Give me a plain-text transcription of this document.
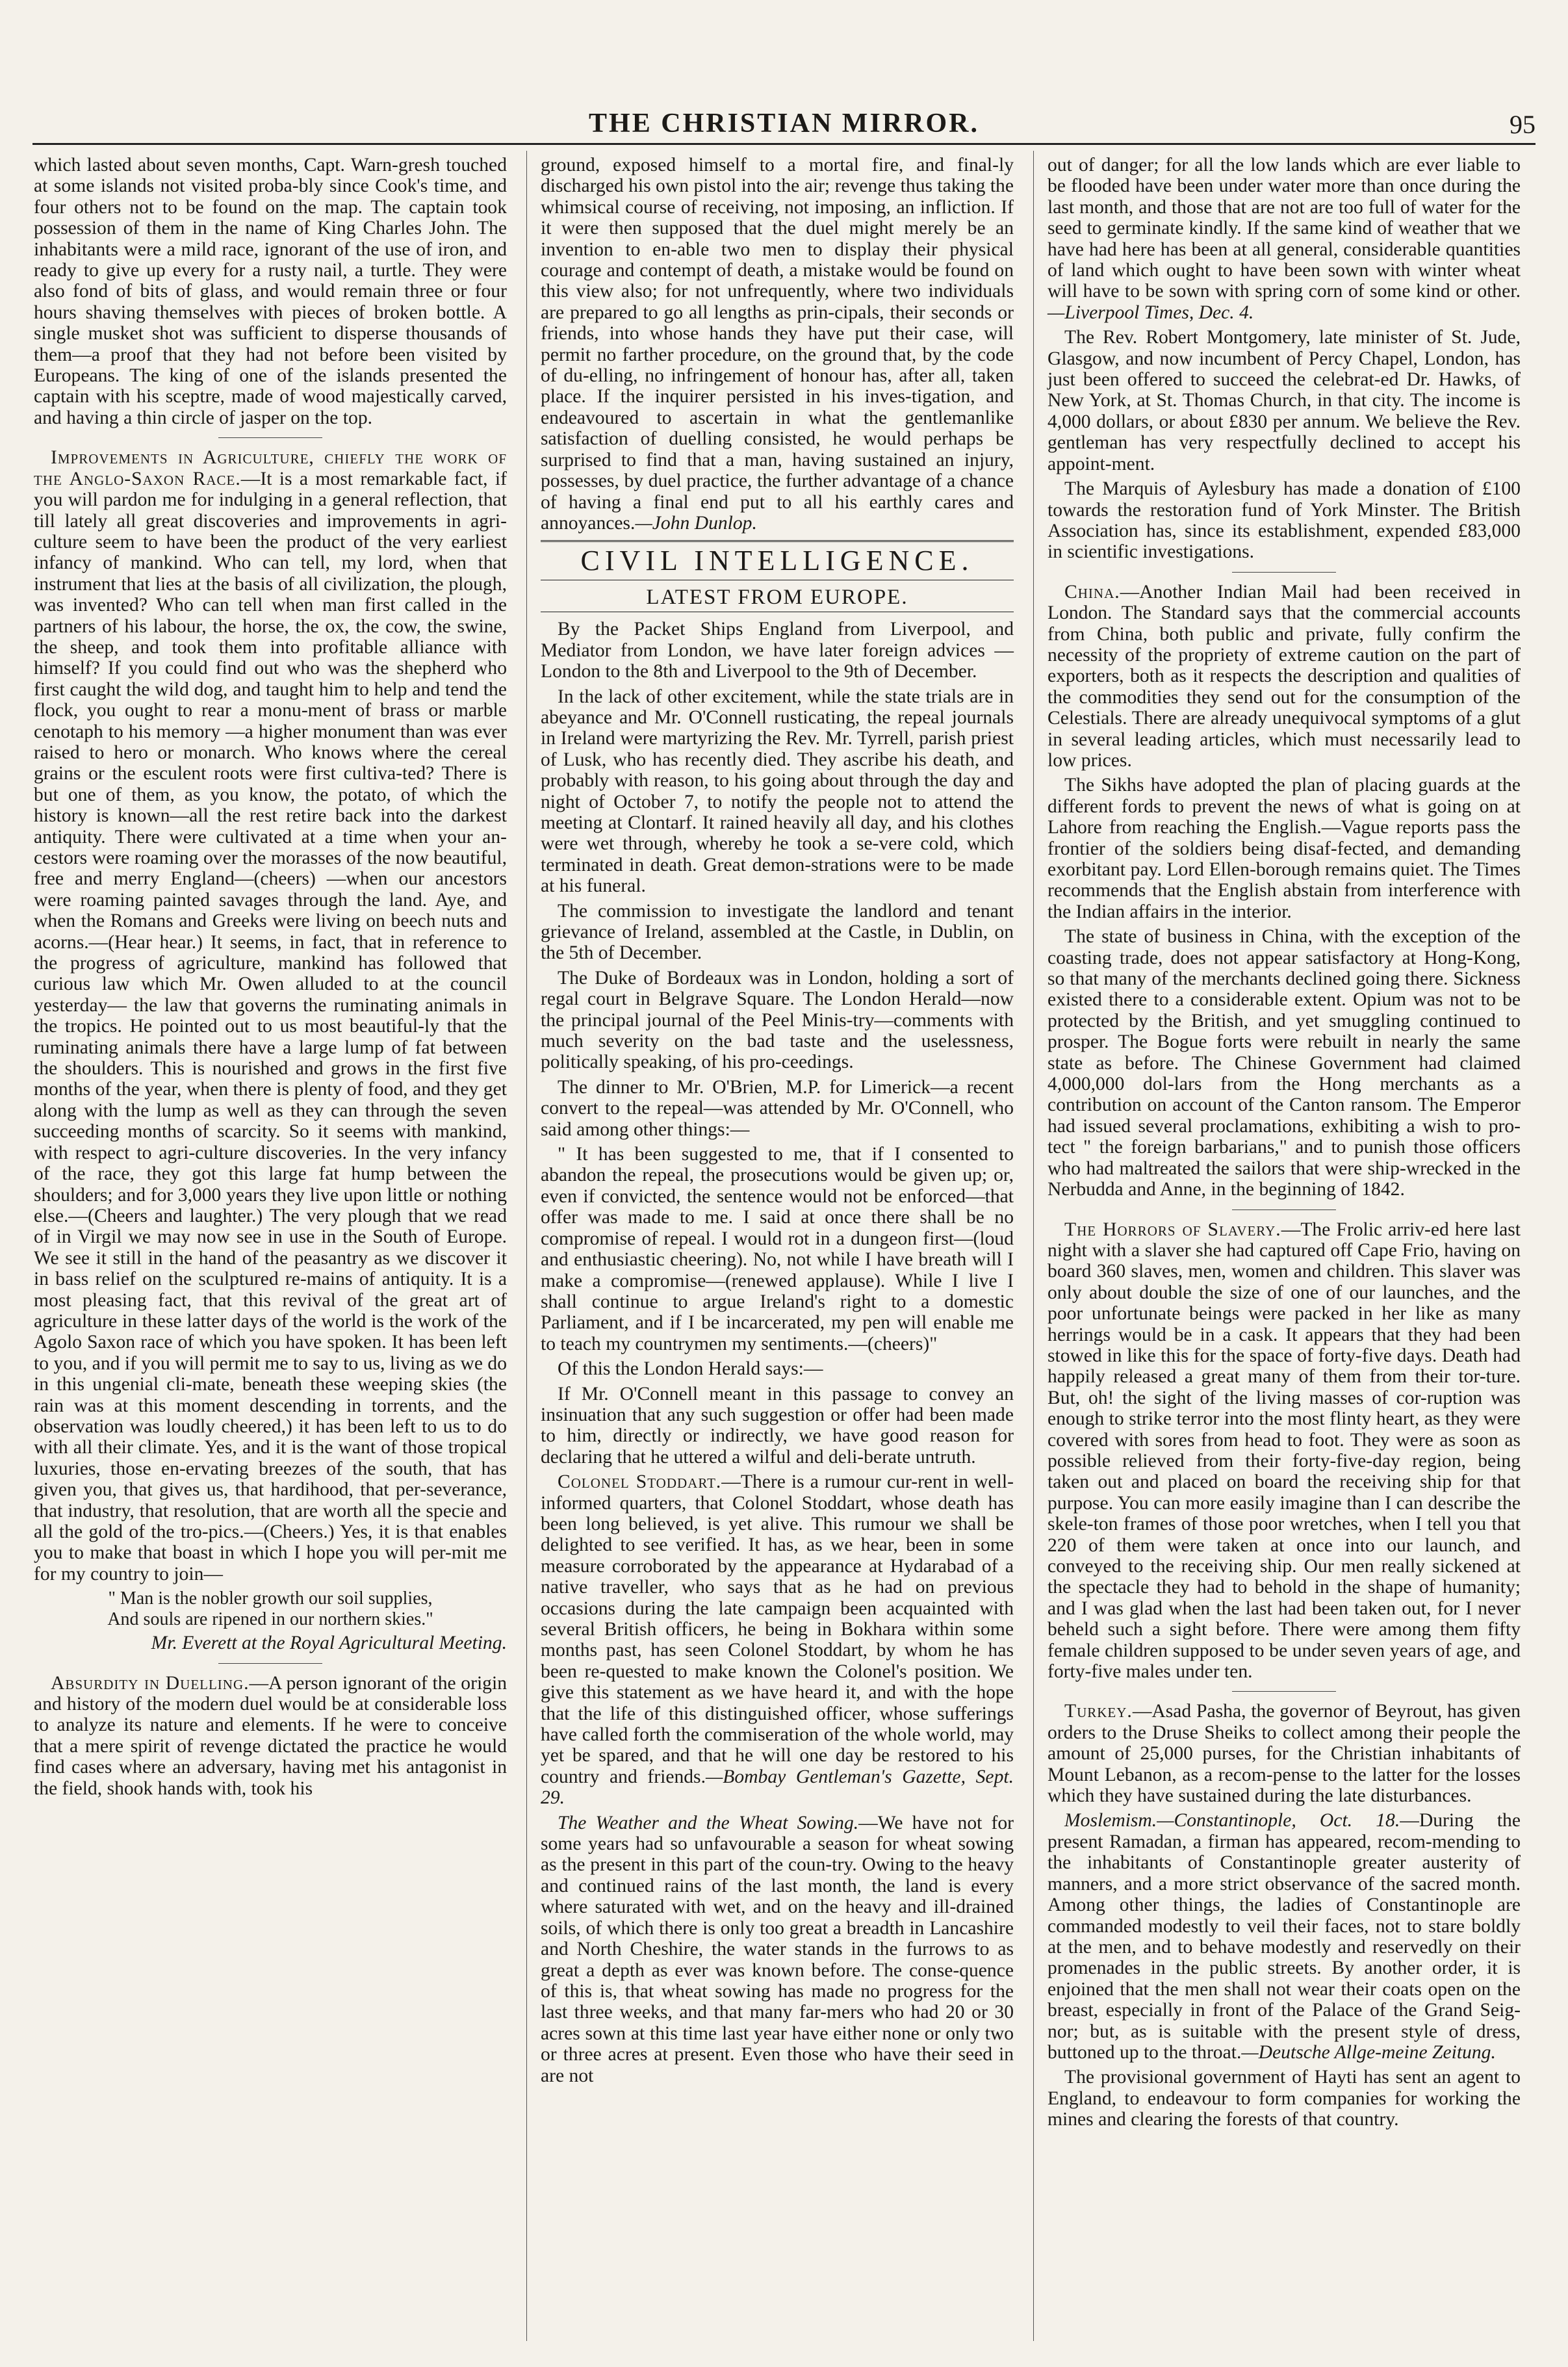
THE CHRISTIAN MIRROR.	95

which lasted about seven months, Capt. Warn-gresh touched at some islands not visited proba-bly since Cook's time, and four others not to be found on the map. The captain took possession of them in the name of King Charles John. The inhabitants were a mild race, ignorant of the use of iron, and ready to give up every for a rusty nail, a turtle. They were also fond of bits of glass, and would remain three or four hours shaving themselves with pieces of broken bottle. A single musket shot was sufficient to disperse thousands of them—a proof that they had not before been visited by Europeans. The king of one of the islands presented the captain with his sceptre, made of wood majestically carved, and having a thin circle of jasper on the top.

Improvements in Agriculture, chiefly the work of the Anglo-Saxon Race.—It is a most remarkable fact, if you will pardon me for indulging in a general reflection, that till lately all great discoveries and improvements in agri-culture seem to have been the product of the very earliest infancy of mankind. Who can tell, my lord, when that instrument that lies at the basis of all civilization, the plough, was invented? Who can tell when man first called in the partners of his labour, the horse, the ox, the cow, the swine, the sheep, and took them into profitable alliance with himself? If you could find out who was the shepherd who first caught the wild dog, and taught him to help and tend the flock, you ought to rear a monu-ment of brass or marble cenotaph to his memory —a higher monument than was ever raised to hero or monarch. Who knows where the cereal grains or the esculent roots were first cultiva-ted? There is but one of them, as you know, the potato, of which the history is known—all the rest retire back into the darkest antiquity. There were cultivated at a time when your an-cestors were roaming over the morasses of the now beautiful, free and merry England—(cheers) —when our ancestors were roaming painted savages through the land. Aye, and when the Romans and Greeks were living on beech nuts and acorns.—(Hear hear.) It seems, in fact, that in reference to the progress of agriculture, mankind has followed that curious law which Mr. Owen alluded to at the council yesterday— the law that governs the ruminating animals in the tropics. He pointed out to us most beautiful-ly that the ruminating animals there have a large lump of fat between the shoulders. This is nourished and grows in the first five months of the year, when there is plenty of food, and they get along with the lump as well as they can through the seven succeeding months of scarcity. So it seems with mankind, with respect to agri-culture discoveries. In the very infancy of the race, they got this large fat hump between the shoulders; and for 3,000 years they live upon little or nothing else.—(Cheers and laughter.) The very plough that we read of in Virgil we may now see in use in the South of Europe. We see it still in the hand of the peasantry as we discover it in bass relief on the sculptured re-mains of antiquity. It is a most pleasing fact, that this revival of the great art of agriculture in these latter days of the world is the work of the Agolo Saxon race of which you have spoken. It has been left to you, and if you will permit me to say to us, living as we do in this ungenial cli-mate, beneath these weeping skies (the rain was at this moment descending in torrents, and the observation was loudly cheered,) it has been left to us to do with all their climate. Yes, and it is the want of those tropical luxuries, those en-ervating breezes of the south, that has given you, that gives us, that hardihood, that per-severance, that industry, that resolution, that are worth all the specie and all the gold of the tro-pics.—(Cheers.) Yes, it is that enables you to make that boast in which I hope you will per-mit me for my country to join—

" Man is the nobler growth our soil supplies,
And souls are ripened in our northern skies."
Mr. Everett at the Royal Agricultural Meeting.

Absurdity in Duelling.—A person ignorant of the origin and history of the modern duel would be at considerable loss to analyze its nature and elements. If he were to conceive that a mere spirit of revenge dictated the practice he would find cases where an adversary, having met his antagonist in the field, shook hands with, took his

ground, exposed himself to a mortal fire, and final-ly discharged his own pistol into the air; revenge thus taking the whimsical course of receiving, not imposing, an infliction. If it were then supposed that the duel might merely be an invention to en-able two men to display their physical courage and contempt of death, a mistake would be found on this view also; for not unfrequently, where two individuals are prepared to go all lengths as prin-cipals, their seconds or friends, into whose hands they have put their case, will permit no farther procedure, on the ground that, by the code of du-elling, no infringement of honour has, after all, taken place. If the inquirer persisted in his inves-tigation, and endeavoured to ascertain in what the gentlemanlike satisfaction of duelling consisted, he would perhaps be surprised to find that a man, having sustained an injury, possesses, by duel practice, the further advantage of a chance of having a final end put to all his earthly cares and annoyances.—John Dunlop.

CIVIL INTELLIGENCE.
LATEST FROM EUROPE.

By the Packet Ships England from Liverpool, and Mediator from London, we have later foreign advices —London to the 8th and Liverpool to the 9th of December.

In the lack of other excitement, while the state trials are in abeyance and Mr. O'Connell rusticating, the repeal journals in Ireland were martyrizing the Rev. Mr. Tyrrell, parish priest of Lusk, who has recently died. They ascribe his death, and probably with reason, to his going about through the day and night of October 7, to notify the people not to attend the meeting at Clontarf. It rained heavily all day, and his clothes were wet through, whereby he took a se-vere cold, which terminated in death. Great demon-strations were to be made at his funeral.

The commission to investigate the landlord and tenant grievance of Ireland, assembled at the Castle, in Dublin, on the 5th of December.

The Duke of Bordeaux was in London, holding a sort of regal court in Belgrave Square. The London Herald—now the principal journal of the Peel Minis-try—comments with much severity on the bad taste and the uselessness, politically speaking, of his pro-ceedings.

The dinner to Mr. O'Brien, M.P. for Limerick—a recent convert to the repeal—was attended by Mr. O'Connell, who said among other things:—

" It has been suggested to me, that if I consented to abandon the repeal, the prosecutions would be given up; or, even if convicted, the sentence would not be enforced—that offer was made to me. I said at once there shall be no compromise of repeal. I would rot in a dungeon first—(loud and enthusiastic cheering). No, not while I have breath will I make a compromise—(renewed applause). While I live I shall continue to argue Ireland's right to a domestic Parliament, and if I be incarcerated, my pen will enable me to teach my countrymen my sentiments.—(cheers)"

Of this the London Herald says:—

If Mr. O'Connell meant in this passage to convey an insinuation that any such suggestion or offer had been made to him, directly or indirectly, we have good reason for declaring that he uttered a wilful and deli-berate untruth.

Colonel Stoddart.—There is a rumour cur-rent in well-informed quarters, that Colonel Stoddart, whose death has been long believed, is yet alive. This rumour we shall be delighted to see verified. It has, as we hear, been in some measure corroborated by the appearance at Hydarabad of a native traveller, who says that as he had on previous occasions during the late campaign been acquainted with several British officers, he being in Bokhara within some months past, has seen Colonel Stoddart, by whom he has been re-quested to make known the Colonel's position. We give this statement as we have heard it, and with the hope that the life of this distinguished officer, whose sufferings have called forth the commiseration of the whole world, may yet be spared, and that he will one day be restored to his country and friends.—Bombay Gentleman's Gazette, Sept. 29.

The Weather and the Wheat Sowing.—We have not for some years had so unfavourable a season for wheat sowing as the present in this part of the coun-try. Owing to the heavy and continued rains of the last month, the land is every where saturated with wet, and on the heavy and ill-drained soils, of which there is only too great a breadth in Lancashire and North Cheshire, the water stands in the furrows to as great a depth as ever was known before. The conse-quence of this is, that wheat sowing has made no progress for the last three weeks, and that many far-mers who had 20 or 30 acres sown at this time last year have either none or only two or three acres at present. Even those who have their seed in are not

out of danger; for all the low lands which are ever liable to be flooded have been under water more than once during the last month, and those that are not are too full of water for the seed to germinate kindly. If the same kind of weather that we have had here has been at all general, considerable quantities of land which ought to have been sown with winter wheat will have to be sown with spring corn of some kind or other.—Liverpool Times, Dec. 4.

The Rev. Robert Montgomery, late minister of St. Jude, Glasgow, and now incumbent of Percy Chapel, London, has just been offered to succeed the celebrat-ed Dr. Hawks, of New York, at St. Thomas Church, in that city. The income is 4,000 dollars, or about £830 per annum. We believe the Rev. gentleman has very respectfully declined to accept his appoint-ment.

The Marquis of Aylesbury has made a donation of £100 towards the restoration fund of York Minster. The British Association has, since its establishment, expended £83,000 in scientific investigations.

China.—Another Indian Mail had been received in London. The Standard says that the commercial accounts from China, both public and private, fully confirm the necessity of the propriety of extreme caution on the part of exporters, both as it respects the description and qualities of the commodities they send out for the consumption of the Celestials. There are already unequivocal symptoms of a glut in several leading articles, which must necessarily lead to low prices.

The Sikhs have adopted the plan of placing guards at the different fords to prevent the news of what is going on at Lahore from reaching the English.—Vague reports pass the frontier of the soldiers being disaf-fected, and demanding exorbitant pay. Lord Ellen-borough remains quiet. The Times recommends that the English abstain from interference with the Indian affairs in the interior.

The state of business in China, with the exception of the coasting trade, does not appear satisfactory at Hong-Kong, so that many of the merchants declined going there. Sickness existed there to a considerable extent. Opium was not to be protected by the British, and yet smuggling continued to prosper. The Bogue forts were rebuilt in nearly the same state as before. The Chinese Government had claimed 4,000,000 dol-lars from the Hong merchants as a contribution on account of the Canton ransom. The Emperor had issued several proclamations, exhibiting a wish to pro-tect " the foreign barbarians," and to punish those officers who had maltreated the sailors that were ship-wrecked in the Nerbudda and Anne, in the beginning of 1842.

The Horrors of Slavery.—The Frolic arriv-ed here last night with a slaver she had captured off Cape Frio, having on board 360 slaves, men, women and children. This slaver was only about double the size of one of our launches, and the poor unfortunate beings were packed in her like as many herrings would be in a cask. It appears that they had been stowed in like this for the space of forty-five days. Death had happily released a great many of them from their tor-ture. But, oh! the sight of the living masses of cor-ruption was enough to strike terror into the most flinty heart, as they were covered with sores from head to foot. They were as soon as possible relieved from their forty-five-day region, being taken out and placed on board the receiving ship for that purpose. You can more easily imagine than I can describe the skele-ton frames of those poor wretches, when I tell you that 220 of them were taken at once into our launch, and conveyed to the receiving ship. Our men really sickened at the spectacle they had to behold in the shape of humanity; and I was glad when the last had been taken out, for I never beheld such a sight before. There were among them fifty female children supposed to be under seven years of age, and forty-five males under ten.

Turkey.—Asad Pasha, the governor of Beyrout, has given orders to the Druse Sheiks to collect among their people the amount of 25,000 purses, for the Christian inhabitants of Mount Lebanon, as a recom-pense to the latter for the losses which they have sustained during the late disturbances.

Moslemism.—Constantinople, Oct. 18.—During the present Ramadan, a firman has appeared, recom-mending to the inhabitants of Constantinople greater austerity of manners, and a more strict observance of the sacred month. Among other things, the ladies of Constantinople are commanded modestly to veil their faces, not to stare boldly at the men, and to behave modestly and reservedly on their promenades in the public streets. By another order, it is enjoined that the men shall not wear their coats open on the breast, especially in front of the Palace of the Grand Seig-nor; but, as is suitable with the present style of dress, buttoned up to the throat.—Deutsche Allge-meine Zeitung.

The provisional government of Hayti has sent an agent to England, to endeavour to form companies for working the mines and clearing the forests of that country.
